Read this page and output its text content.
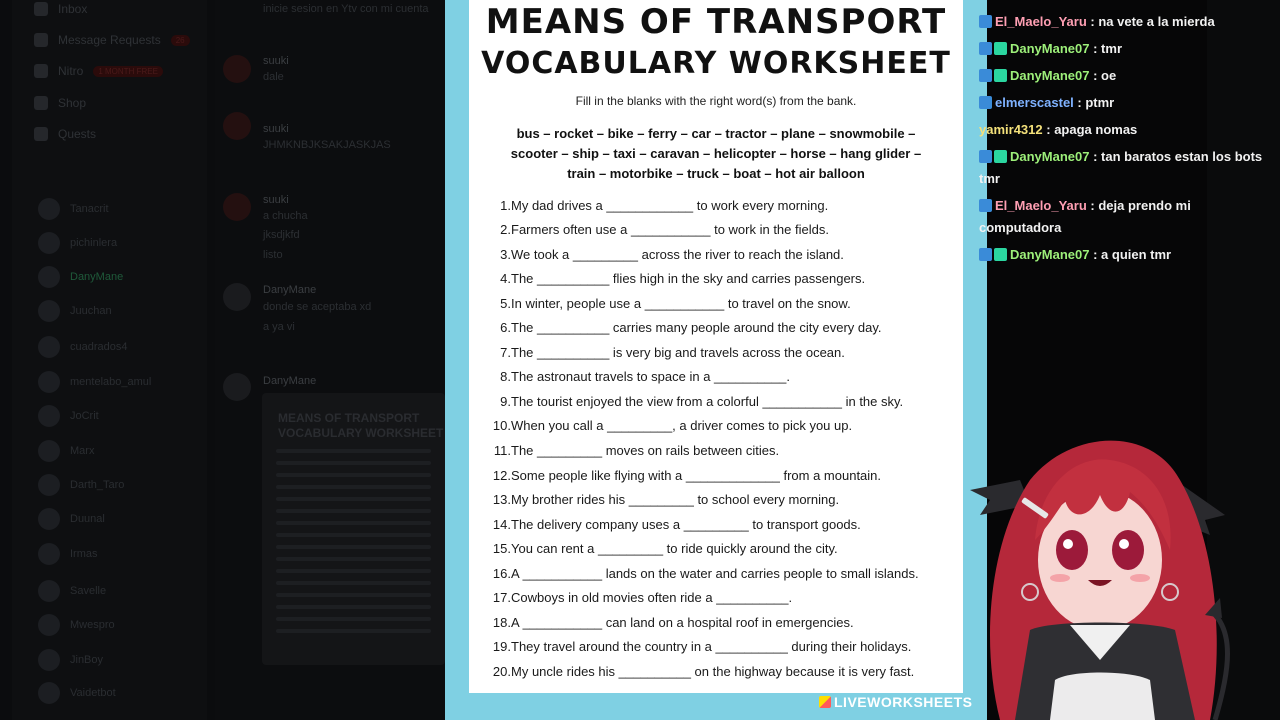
Inbox
Message Requests	26
Nitro	1 MONTH FREE
Shop
Quests
Tanacrit
pichinlera
DanyMane
Juuchan
cuadrados4
mentelabo_amul
JoCrit
Marx
Darth_Taro
Duunal
Irmas
Savelle
Mwespro
JinBoy
Vaidetbot
inicie sesion en Ytv con mi cuenta
suuki
dale
suuki
JHMKNBJKSAKJASKJAS
suuki
a chucha
jksdjkfd
listo
DanyMane
donde se aceptaba xd
a ya vi
DanyMane
MEANS OF TRANSPORT VOCABULARY WORKSHEET
MEANS OF TRANSPORT
VOCABULARY WORKSHEET
Fill in the blanks with the right word(s) from the bank.
bus – rocket – bike – ferry – car – tractor – plane – snowmobile –
scooter – ship – taxi – caravan – helicopter – horse – hang glider –
train – motorbike – truck – boat – hot air balloon
1. My dad drives a ____________ to work every morning.
2. Farmers often use a ___________ to work in the fields.
3. We took a _________ across the river to reach the island.
4. The __________ flies high in the sky and carries passengers.
5. In winter, people use a ___________ to travel on the snow.
6. The __________ carries many people around the city every day.
7. The __________ is very big and travels across the ocean.
8. The astronaut travels to space in a __________.
9. The tourist enjoyed the view from a colorful ___________ in the sky.
10. When you call a _________, a driver comes to pick you up.
11. The _________ moves on rails between cities.
12. Some people like flying with a _____________ from a mountain.
13. My brother rides his _________ to school every morning.
14. The delivery company uses a _________ to transport goods.
15. You can rent a _________ to ride quickly around the city.
16. A ___________ lands on the water and carries people to small islands.
17. Cowboys in old movies often ride a __________.
18. A ___________ can land on a hospital roof in emergencies.
19. They travel around the country in a __________ during their holidays.
20. My uncle rides his __________ on the highway because it is very fast.
LIVEWORKSHEETS
El_Maelo_Yaru : na vete a la mierda
DanyMane07 : tmr
DanyMane07 : oe
elmerscastel : ptmr
yamir4312 : apaga nomas
DanyMane07 : tan baratos estan los bots tmr
El_Maelo_Yaru : deja prendo mi computadora
DanyMane07 : a quien tmr
